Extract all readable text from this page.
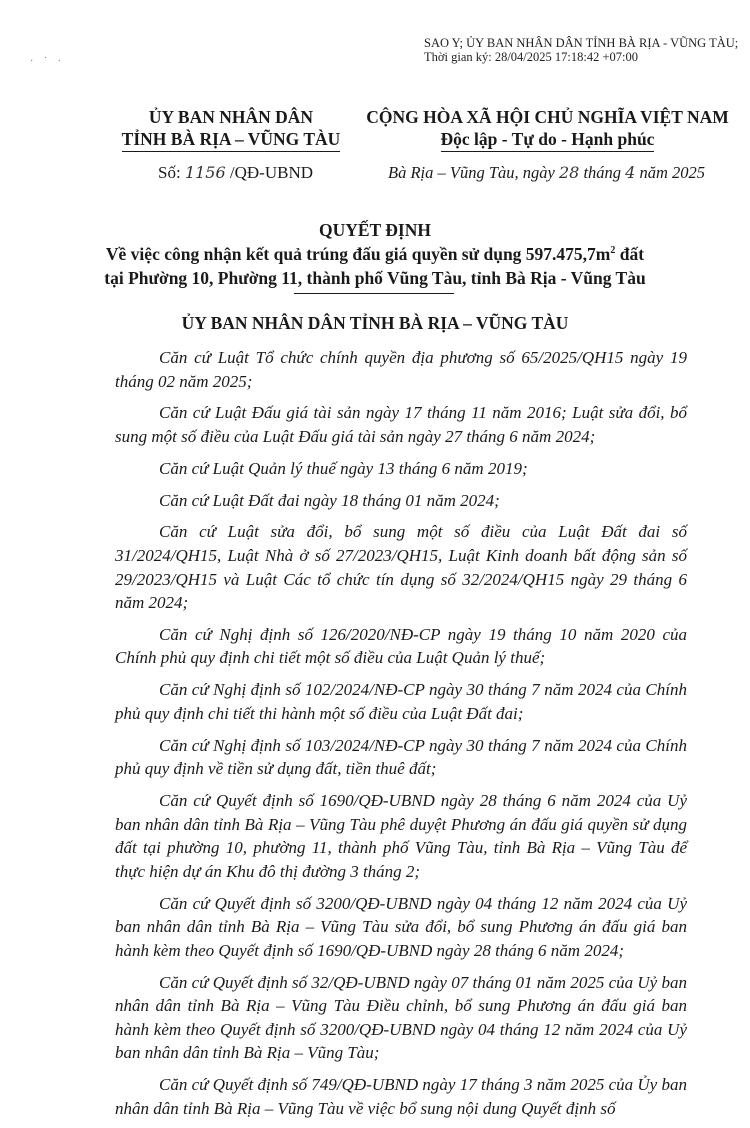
· ˙ ·
SAO Y; ỦY BAN NHÂN DÂN TỈNH BÀ RỊA - VŨNG TÀU;
Thời gian ký: 28/04/2025 17:18:42 +07:00
ỦY BAN NHÂN DÂN
TỈNH BÀ RỊA – VŨNG TÀU
CỘNG HÒA XÃ HỘI CHỦ NGHĨA VIỆT NAM
Độc lập - Tự do - Hạnh phúc
Số: 1156 /QĐ-UBND	Bà Rịa – Vũng Tàu, ngày 28 tháng 4 năm 2025
QUYẾT ĐỊNH
Về việc công nhận kết quả trúng đấu giá quyền sử dụng $597.475,7m^2$ đất
tại Phường 10, Phường 11, thành phố Vũng Tàu, tỉnh Bà Rịa - Vũng Tàu
ỦY BAN NHÂN DÂN TỈNH BÀ RỊA – VŨNG TÀU

Căn cứ Luật Tổ chức chính quyền địa phương số 65/2025/QH15 ngày 19 tháng 02 năm 2025;

Căn cứ Luật Đấu giá tài sản ngày 17 tháng 11 năm 2016; Luật sửa đổi, bổ sung một số điều của Luật Đấu giá tài sản ngày 27 tháng 6 năm 2024;

Căn cứ Luật Quản lý thuế ngày 13 tháng 6 năm 2019;

Căn cứ Luật Đất đai ngày 18 tháng 01 năm 2024;

Căn cứ Luật sửa đổi, bổ sung một số điều của Luật Đất đai số 31/2024/QH15, Luật Nhà ở số 27/2023/QH15, Luật Kinh doanh bất động sản số 29/2023/QH15 và Luật Các tổ chức tín dụng số 32/2024/QH15 ngày 29 tháng 6 năm 2024;

Căn cứ Nghị định số 126/2020/NĐ-CP ngày 19 tháng 10 năm 2020 của Chính phủ quy định chi tiết một số điều của Luật Quản lý thuế;

Căn cứ Nghị định số 102/2024/NĐ-CP ngày 30 tháng 7 năm 2024 của Chính phủ quy định chi tiết thi hành một số điều của Luật Đất đai;

Căn cứ Nghị định số 103/2024/NĐ-CP ngày 30 tháng 7 năm 2024 của Chính phủ quy định về tiền sử dụng đất, tiền thuê đất;

Căn cứ Quyết định số 1690/QĐ-UBND ngày 28 tháng 6 năm 2024 của Uỷ ban nhân dân tỉnh Bà Rịa – Vũng Tàu phê duyệt Phương án đấu giá quyền sử dụng đất tại phường 10, phường 11, thành phố Vũng Tàu, tỉnh Bà Rịa – Vũng Tàu để thực hiện dự án Khu đô thị đường 3 tháng 2;

Căn cứ Quyết định số 3200/QĐ-UBND ngày 04 tháng 12 năm 2024 của Uỷ ban nhân dân tỉnh Bà Rịa – Vũng Tàu sửa đổi, bổ sung Phương án đấu giá ban hành kèm theo Quyết định số 1690/QĐ-UBND ngày 28 tháng 6 năm 2024;

Căn cứ Quyết định số 32/QĐ-UBND ngày 07 tháng 01 năm 2025 của Uỷ ban nhân dân tỉnh Bà Rịa – Vũng Tàu Điều chỉnh, bổ sung Phương án đấu giá ban hành kèm theo Quyết định số 3200/QĐ-UBND ngày 04 tháng 12 năm 2024 của Uỷ ban nhân dân tỉnh Bà Rịa – Vũng Tàu;

Căn cứ Quyết định số 749/QĐ-UBND ngày 17 tháng 3 năm 2025 của Ủy ban nhân dân tỉnh Bà Rịa – Vũng Tàu về việc bổ sung nội dung Quyết định số
